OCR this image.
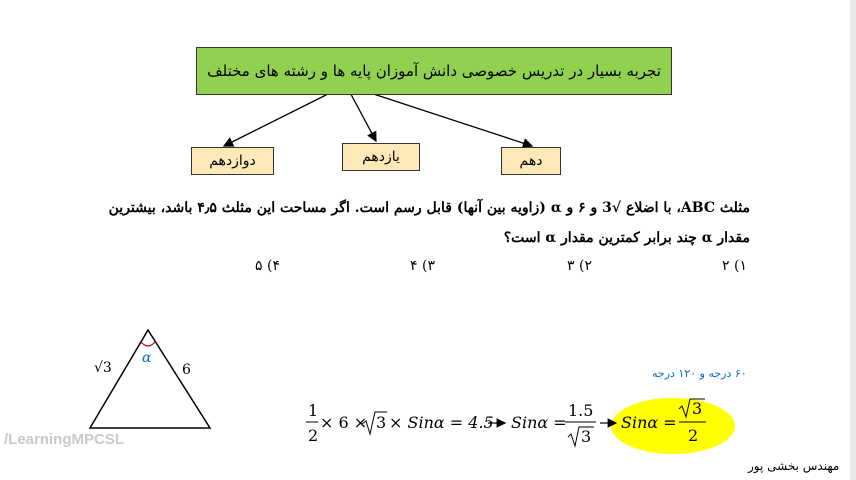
تجربه بسیار در تدریس خصوصی دانش آموزان پایه ها و رشته های مختلف
دوازدهم	یازدهم	دهم
مثلث ABC، با اضلاع √3 و ۶ و α (زاویه بین آنها) قابل رسم است. اگر مساحت این مثلث ۴٫۵ باشد، بیشترین
مقدار α چند برابر کمترین مقدار α است؟
۱) ۲
۲) ۳
۳) ۴
۴) ۵
α
√3	6	۶۰ درجه و ۱۲۰ درجه
1
2
× 6 × 3 × Sinα = 4.5 Sinα =
1.5
3
Sinα =
3
2
/LearningMPCSL
مهندس بخشی پور
